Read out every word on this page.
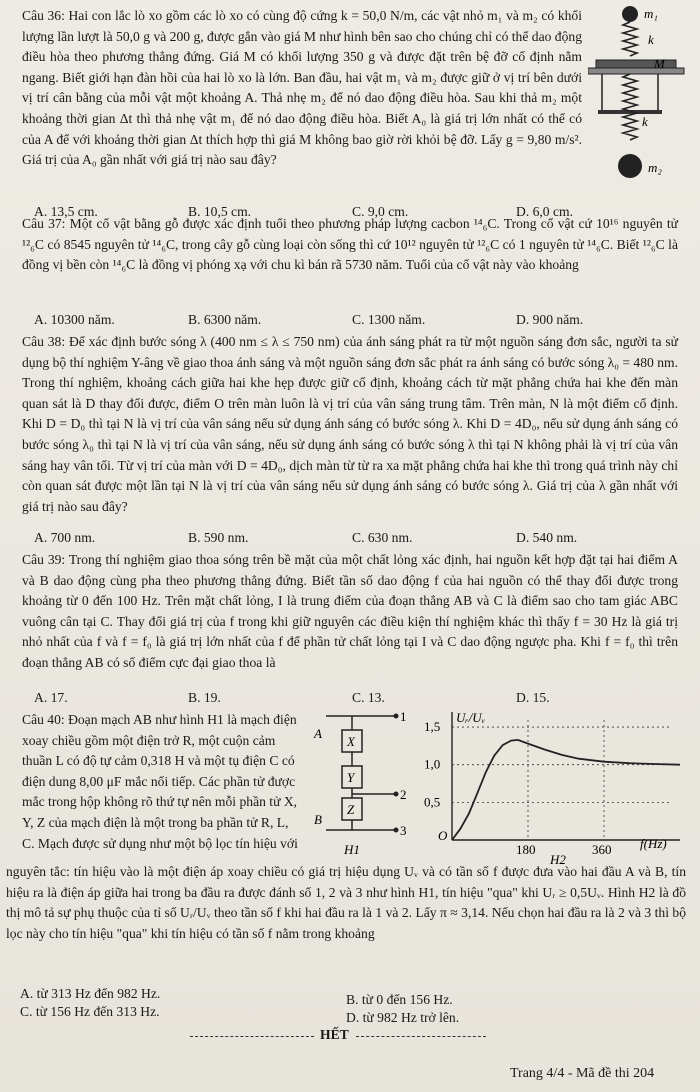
Câu 36: Hai con lắc lò xo gồm các lò xo có cùng độ cứng k = 50,0 N/m, các vật nhỏ m₁ và m₂ có khối lượng lần lượt là 50,0 g và 200 g, được gắn vào giá M như hình bên sao cho chúng chỉ có thể dao động điều hòa theo phương thẳng đứng. Giá M có khối lượng 350 g và được đặt trên bệ đỡ cố định nằm ngang. Biết giới hạn đàn hồi của hai lò xo là lớn. Ban đầu, hai vật m₁ và m₂ được giữ ở vị trí bên dưới vị trí cân bằng của mỗi vật một khoảng A. Thả nhẹ m₂ để nó dao động điều hòa. Sau khi thả m₂ một khoảng thời gian Δt thì thả nhẹ vật m₁ để nó dao động điều hòa. Biết A₀ là giá trị lớn nhất có thể có của A để với khoảng thời gian Δt thích hợp thì giá M không bao giờ rời khỏi bệ đỡ. Lấy g = 9,80 m/s². Giá trị của A₀ gần nhất với giá trị nào sau đây?
A. 13,5 cm.	B. 10,5 cm.	C. 9,0 cm.	D. 6,0 cm.
m₁
k
M
k
m₂
Câu 37: Một cổ vật bằng gỗ được xác định tuổi theo phương pháp lượng cacbon ¹⁴₆C. Trong cổ vật cứ 10¹⁶ nguyên tử ¹²₆C có 8545 nguyên tử ¹⁴₆C, trong cây gỗ cùng loại còn sống thì cứ 10¹² nguyên tử ¹²₆C có 1 nguyên tử ¹⁴₆C. Biết ¹²₆C là đồng vị bền còn ¹⁴₆C là đồng vị phóng xạ với chu kì bán rã 5730 năm. Tuổi của cổ vật này vào khoảng
A. 10300 năm.	B. 6300 năm.	C. 1300 năm.	D. 900 năm.
Câu 38: Để xác định bước sóng λ (400 nm ≤ λ ≤ 750 nm) của ánh sáng phát ra từ một nguồn sáng đơn sắc, người ta sử dụng bộ thí nghiệm Y-âng về giao thoa ánh sáng và một nguồn sáng đơn sắc phát ra ánh sáng có bước sóng λ₀ = 480 nm. Trong thí nghiệm, khoảng cách giữa hai khe hẹp được giữ cố định, khoảng cách từ mặt phẳng chứa hai khe đến màn quan sát là D thay đổi được, điểm O trên màn luôn là vị trí của vân sáng trung tâm. Trên màn, N là một điểm cố định. Khi D = D₀ thì tại N là vị trí của vân sáng nếu sử dụng ánh sáng có bước sóng λ. Khi D = 4D₀, nếu sử dụng ánh sáng có bước sóng λ₀ thì tại N là vị trí của vân sáng, nếu sử dụng ánh sáng có bước sóng λ thì tại N không phải là vị trí của vân sáng hay vân tối. Từ vị trí của màn với D = 4D₀, dịch màn từ từ ra xa mặt phẳng chứa hai khe thì trong quá trình này chỉ còn quan sát được một lần tại N là vị trí của vân sáng nếu sử dụng ánh sáng có bước sóng λ. Giá trị của λ gần nhất với giá trị nào sau đây?
A. 700 nm.	B. 590 nm.	C. 630 nm.	D. 540 nm.
Câu 39: Trong thí nghiệm giao thoa sóng trên bề mặt của một chất lỏng xác định, hai nguồn kết hợp đặt tại hai điểm A và B dao động cùng pha theo phương thẳng đứng. Biết tần số dao động f của hai nguồn có thể thay đổi được trong khoảng từ 0 đến 100 Hz. Trên mặt chất lỏng, I là trung điểm của đoạn thẳng AB và C là điểm sao cho tam giác ABC vuông cân tại C. Thay đổi giá trị của f trong khi giữ nguyên các điều kiện thí nghiệm khác thì thấy f = 30 Hz là giá trị nhỏ nhất của f và f = f₀ là giá trị lớn nhất của f để phần tử chất lỏng tại I và C dao động ngược pha. Khi f = f₀ thì trên đoạn thẳng AB có số điểm cực đại giao thoa là
A. 17.	B. 19.	C. 13.	D. 15.
Câu 40: Đoạn mạch AB như hình H1 là mạch điện xoay chiều gồm một điện trở R, một cuộn cảm thuần L có độ tự cảm 0,318 H và một tụ điện C có điện dung 8,00 μF mắc nối tiếp. Các phần tử được mắc trong hộp không rõ thứ tự nên mỗi phần tử X, Y, Z của mạch điện là một trong ba phần tử R, L, C. Mạch được sử dụng như một bộ lọc tín hiệu với
1
A
X
Y
2
Z
3
B
H1
Uᵣ/Uᵥ
f(Hz)
O
0,5
1,0
1,5
180	360
H2
nguyên tắc: tín hiệu vào là một điện áp xoay chiều có giá trị hiệu dụng Uᵥ và có tần số f được đưa vào hai đầu A và B, tín hiệu ra là điện áp giữa hai trong ba đầu ra được đánh số 1, 2 và 3 như hình H1, tín hiệu "qua" khi Uᵣ ≥ 0,5Uᵥ. Hình H2 là đồ thị mô tả sự phụ thuộc của tỉ số Uᵣ/Uᵥ theo tần số f khi hai đầu ra là 1 và 2. Lấy π ≈ 3,14. Nếu chọn hai đầu ra là 2 và 3 thì bộ lọc này cho tín hiệu "qua" khi tín hiệu có tần số f nằm trong khoảng
A. từ 313 Hz đến 982 Hz.	B. từ 0 đến 156 Hz.
C. từ 156 Hz đến 313 Hz.	D. từ 982 Hz trở lên.
HẾT
Trang 4/4 - Mã đề thi 204
